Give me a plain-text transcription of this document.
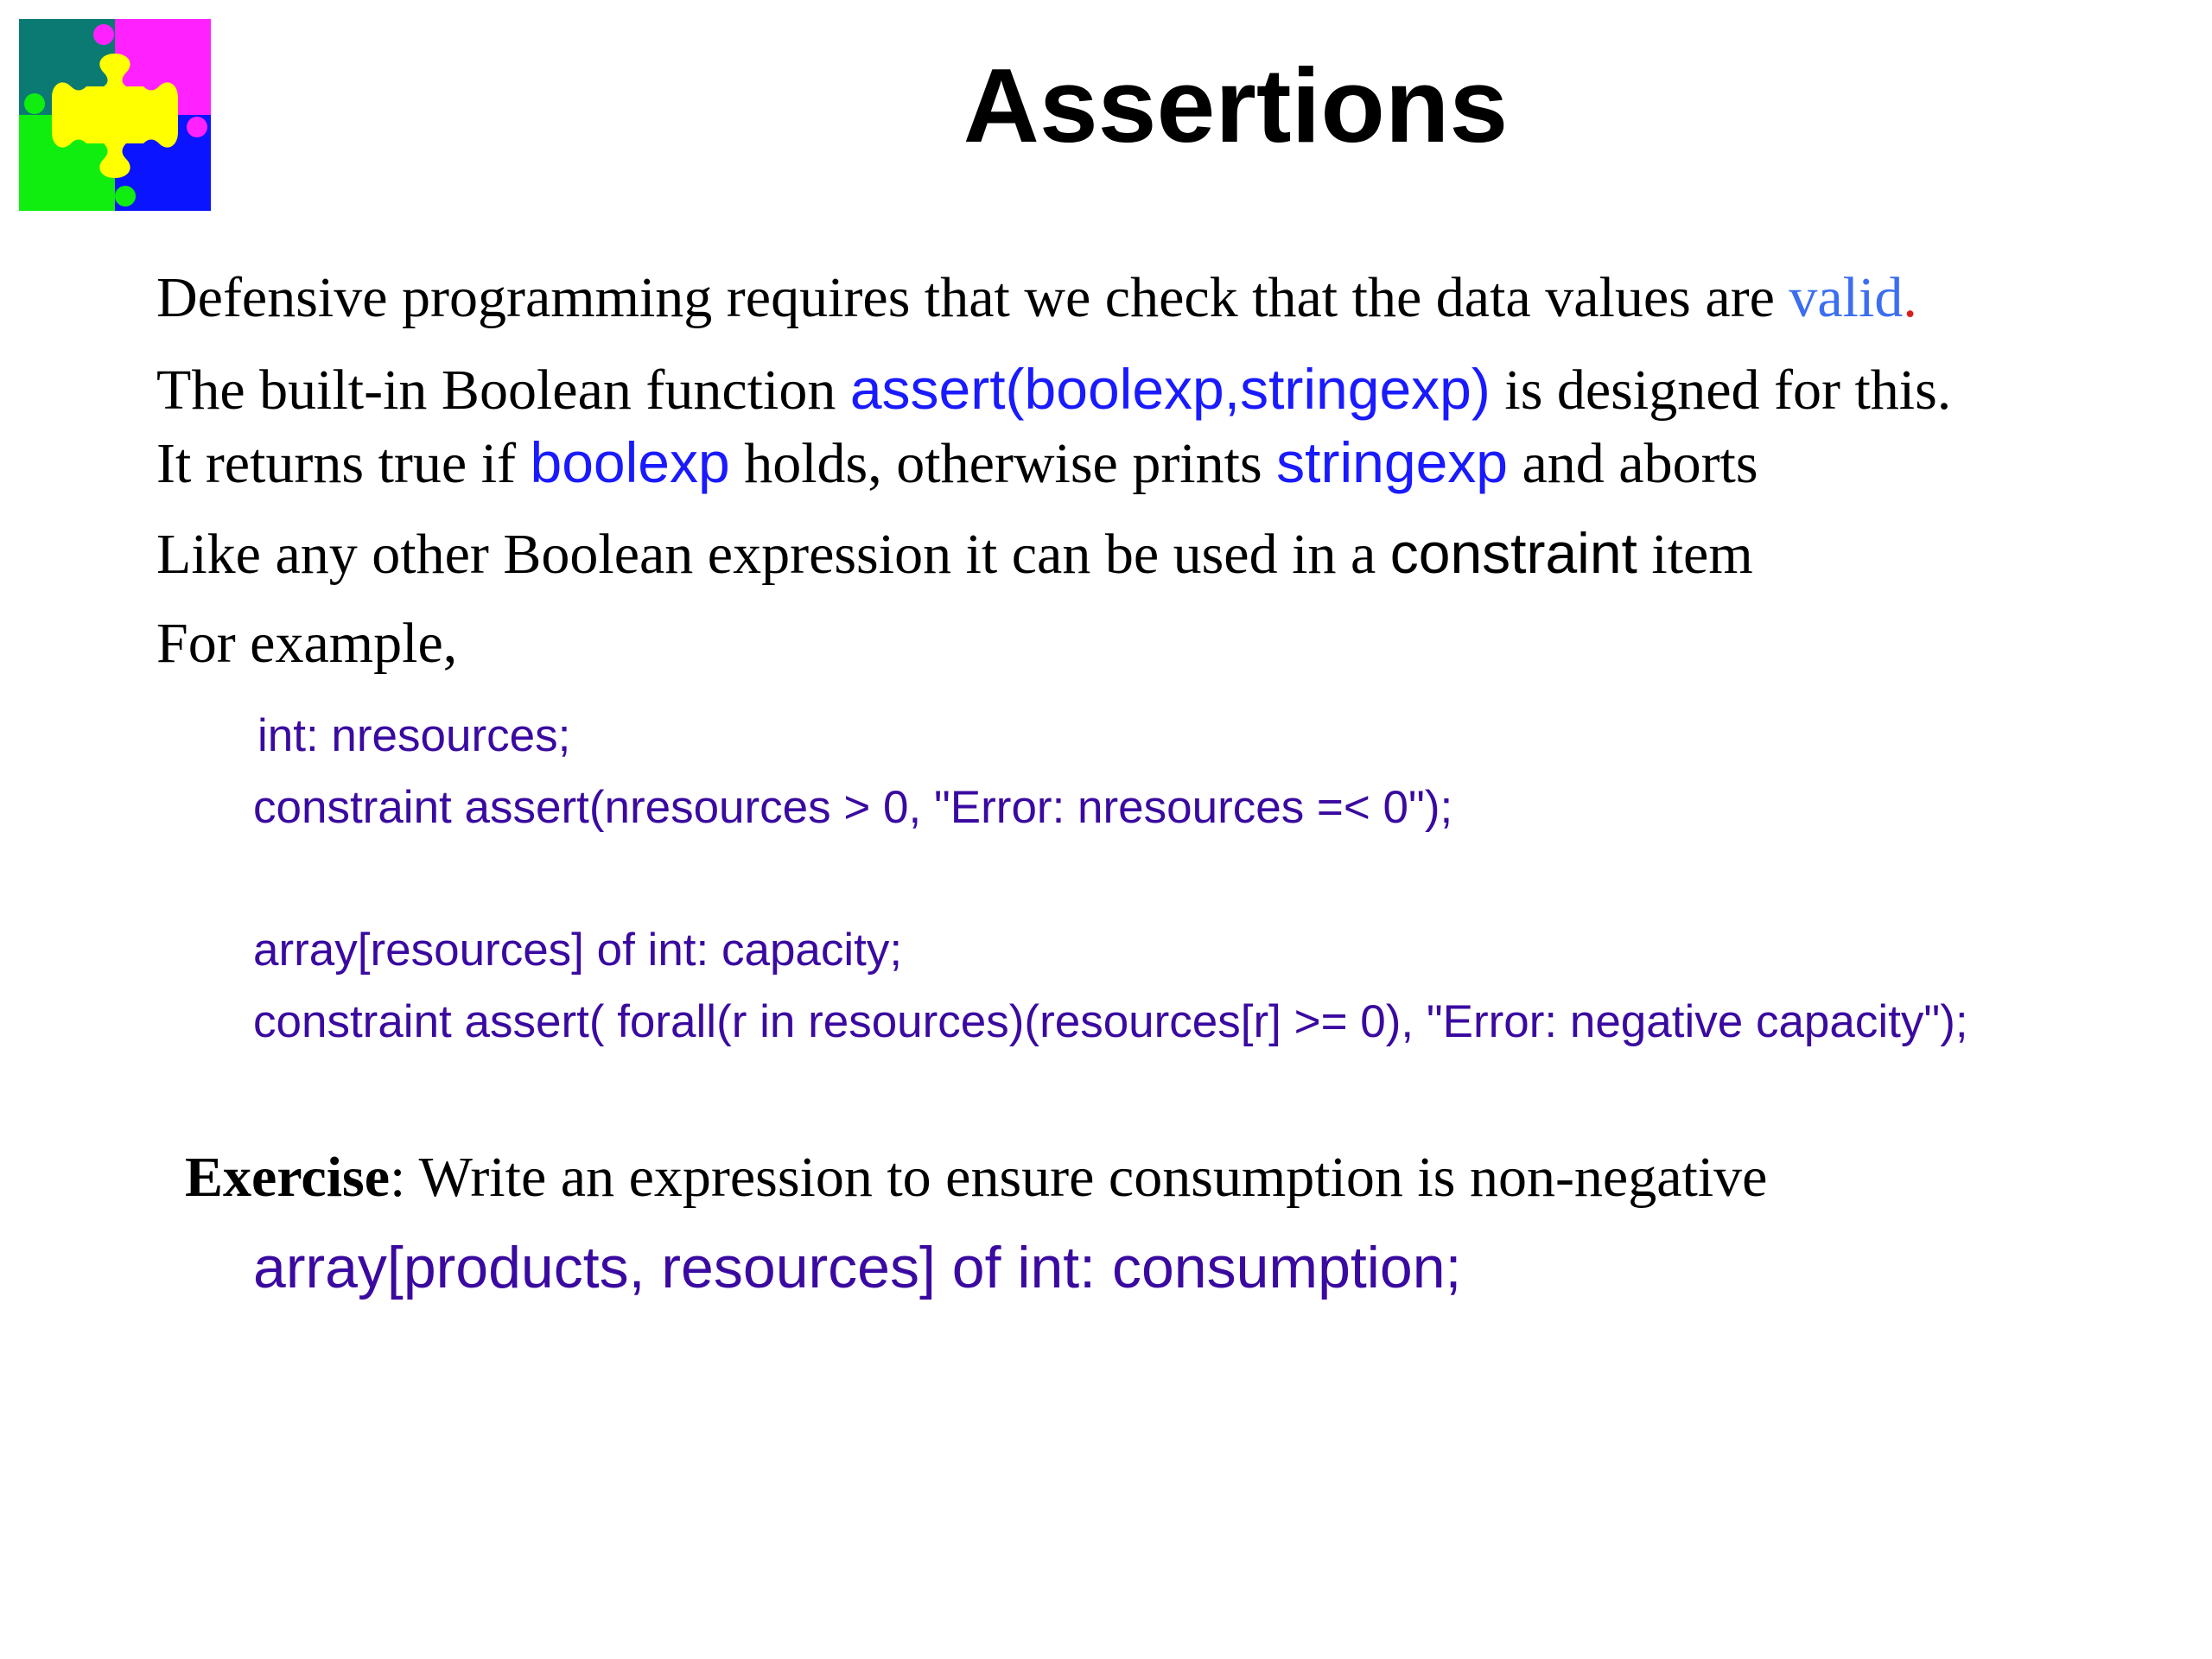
Assertions
Defensive programming requires that we check that the data values are valid.
The built-in Boolean function assert(boolexp,stringexp) is designed for this.
It returns true if boolexp holds, otherwise prints stringexp and aborts
Like any other Boolean expression it can be used in a constraint item
For example,
int: nresources;
constraint assert(nresources > 0, "Error: nresources =< 0");
array[resources] of int: capacity;
constraint assert( forall(r in resources)(resources[r] >= 0), "Error: negative capacity");
Exercise: Write an expression to ensure consumption is non-negative
array[products, resources] of int: consumption;
